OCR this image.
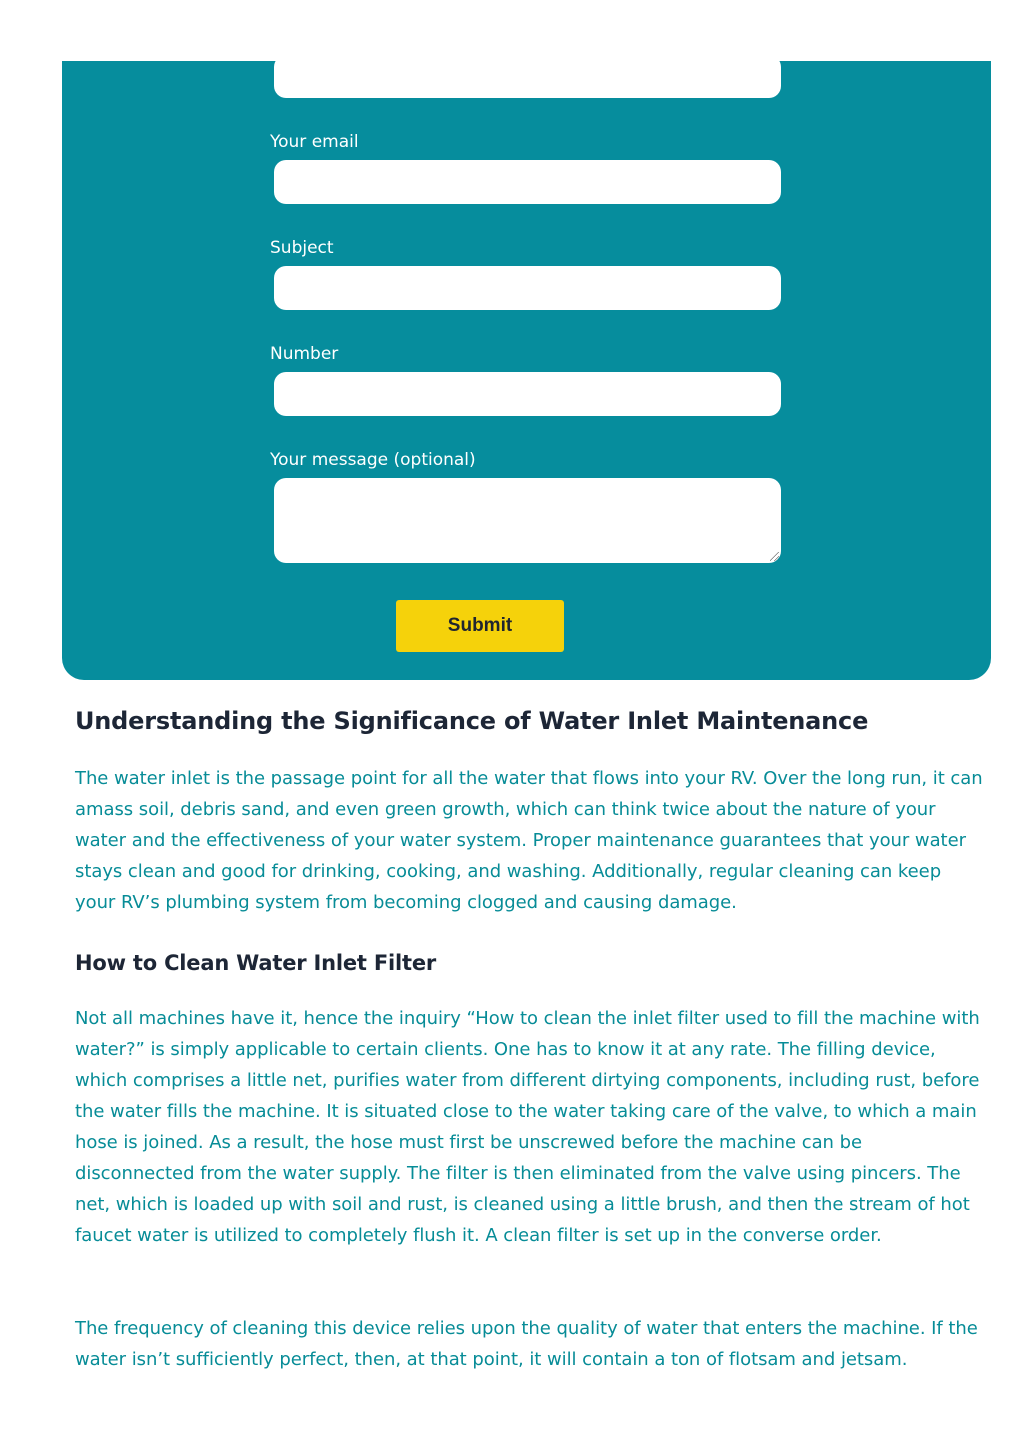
Your email
Subject
Number
Your message (optional)
Submit
Understanding the Significance of Water Inlet Maintenance

The water inlet is the passage point for all the water that flows into your RV. Over the long run, it can amass soil, debris sand, and even green growth, which can think twice about the nature of your water and the effectiveness of your water system. Proper maintenance guarantees that your water stays clean and good for drinking, cooking, and washing. Additionally, regular cleaning can keep your RV’s plumbing system from becoming clogged and causing damage.

How to Clean Water Inlet Filter

Not all machines have it, hence the inquiry “How to clean the inlet filter used to fill the machine with water?” is simply applicable to certain clients. One has to know it at any rate. The filling device, which comprises a little net, purifies water from different dirtying components, including rust, before the water fills the machine. It is situated close to the water taking care of the valve, to which a main hose is joined. As a result, the hose must first be unscrewed before the machine can be disconnected from the water supply. The filter is then eliminated from the valve using pincers. The net, which is loaded up with soil and rust, is cleaned using a little brush, and then the stream of hot faucet water is utilized to completely flush it. A clean filter is set up in the converse order.

The frequency of cleaning this device relies upon the quality of water that enters the machine. If the water isn’t sufficiently perfect, then, at that point, it will contain a ton of flotsam and jetsam.
